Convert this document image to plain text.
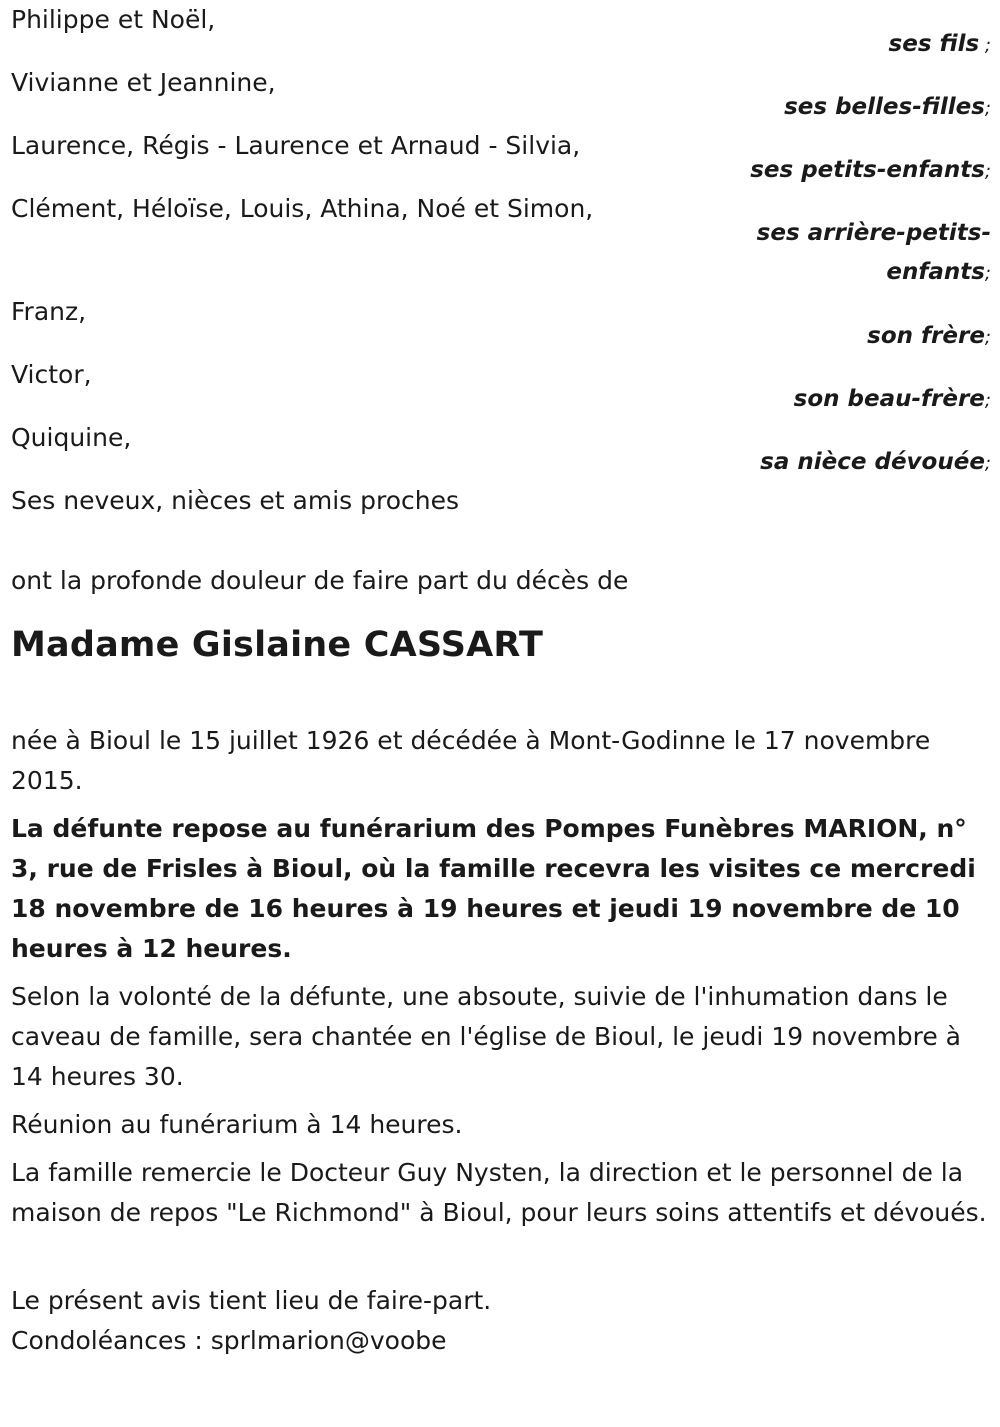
Philippe et Noël,
ses fils ;
Vivianne et Jeannine,
ses belles-filles;
Laurence, Régis - Laurence et Arnaud - Silvia,
ses petits-enfants;
Clément, Héloïse, Louis, Athina, Noé et Simon,
ses arrière-petits-
enfants;
Franz,
son frère;
Victor,
son beau-frère;
Quiquine,
sa nièce dévouée;
Ses neveux, nièces et amis proches
ont la profonde douleur de faire part du décès de
Madame Gislaine CASSART

née à Bioul le 15 juillet 1926 et décédée à Mont-Godinne le 17 novembre 2015.

La défunte repose au funérarium des Pompes Funèbres MARION, n° 3, rue de Frisles à Bioul, où la famille recevra les visites ce mercredi 18 novembre de 16 heures à 19 heures et jeudi 19 novembre de 10 heures à 12 heures.

Selon la volonté de la défunte, une absoute, suivie de l'inhumation dans le caveau de famille, sera chantée en l'église de Bioul, le jeudi 19 novembre à 14 heures 30.

Réunion au funérarium à 14 heures.

La famille remercie le Docteur Guy Nysten, la direction et le personnel de la maison de repos "Le Richmond" à Bioul, pour leurs soins attentifs et dévoués.

Le présent avis tient lieu de faire-part.
Condoléances : sprlmarion@voobe
